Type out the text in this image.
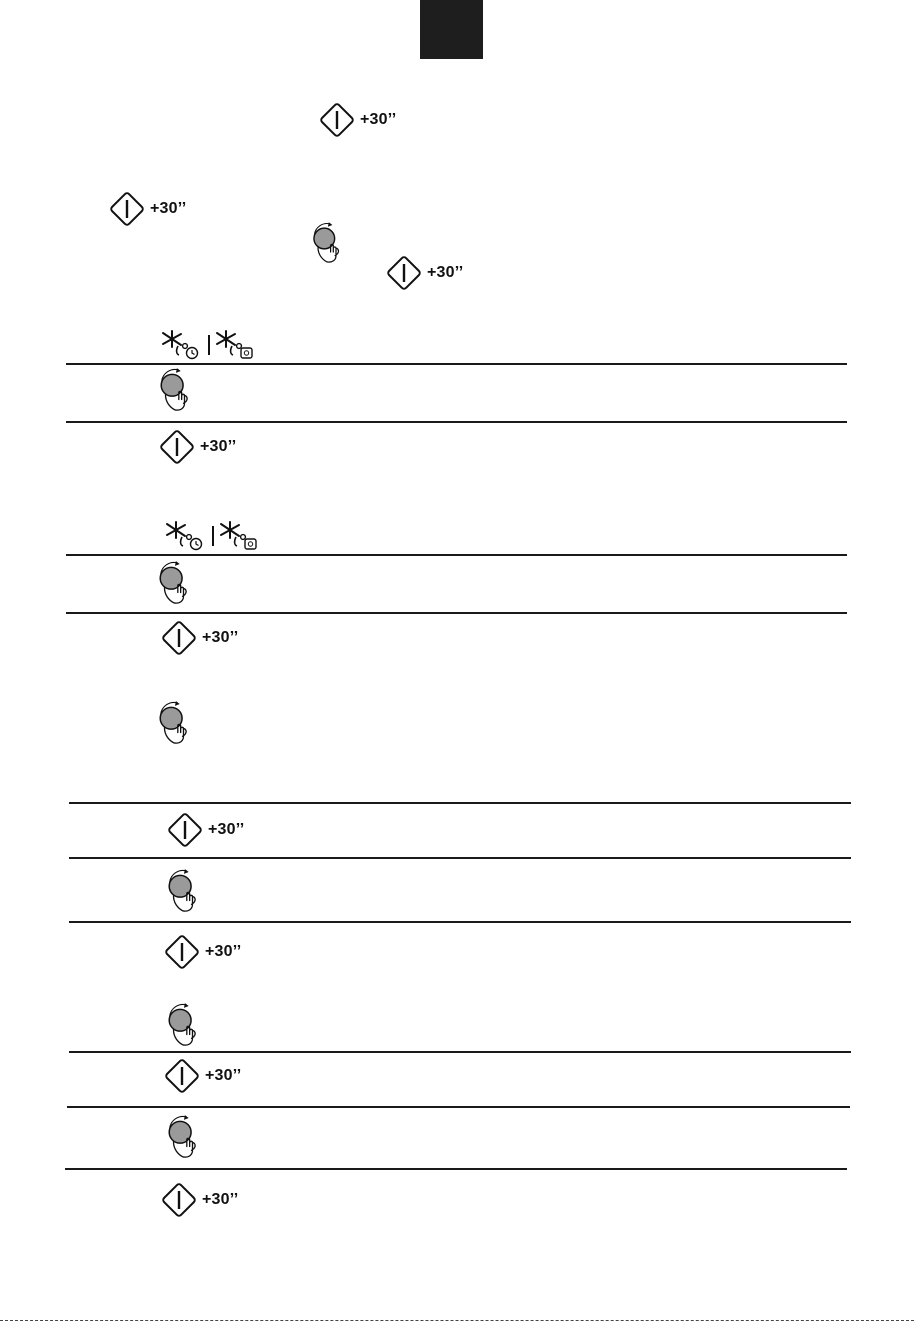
+30’’
+30’’
+30’’
+30’’
+30’’
+30’’
+30’’
+30’’
+30’’
